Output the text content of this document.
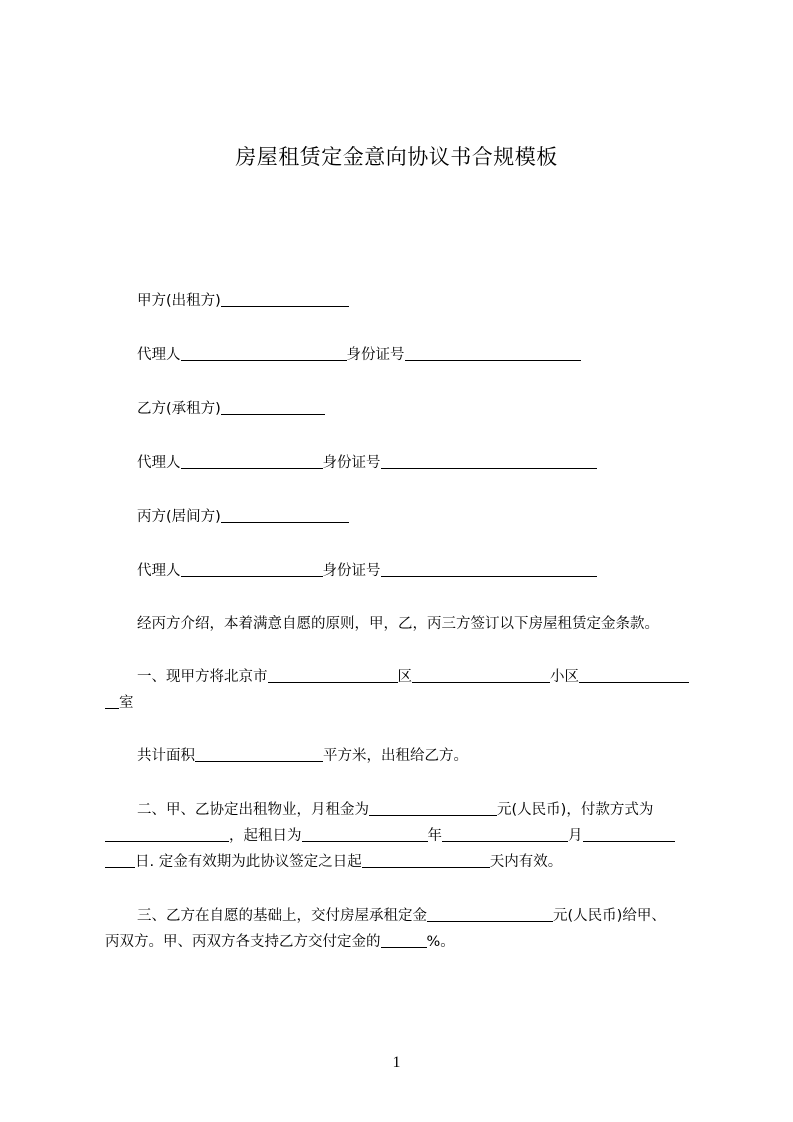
房屋租赁定金意向协议书合规模板
甲方(出租方)
代理人	身份证号
乙方(承租方)
代理人	身份证号
丙方(居间方)
代理人	身份证号
经丙方介绍，本着满意自愿的原则，甲，乙，丙三方签订以下房屋租赁定金条款。
一、现甲方将北京市	区	小区
室
共计面积	平方米，出租给乙方。
二、甲、乙协定出租物业，月租金为	元(人民币)，付款方式为
，起租日为	年	月
日. 定金有效期为此协议签定之日起	天内有效。
三、乙方在自愿的基础上，交付房屋承租定金	元(人民币)给甲、
丙双方。甲、丙双方各支持乙方交付定金的	%。
1
